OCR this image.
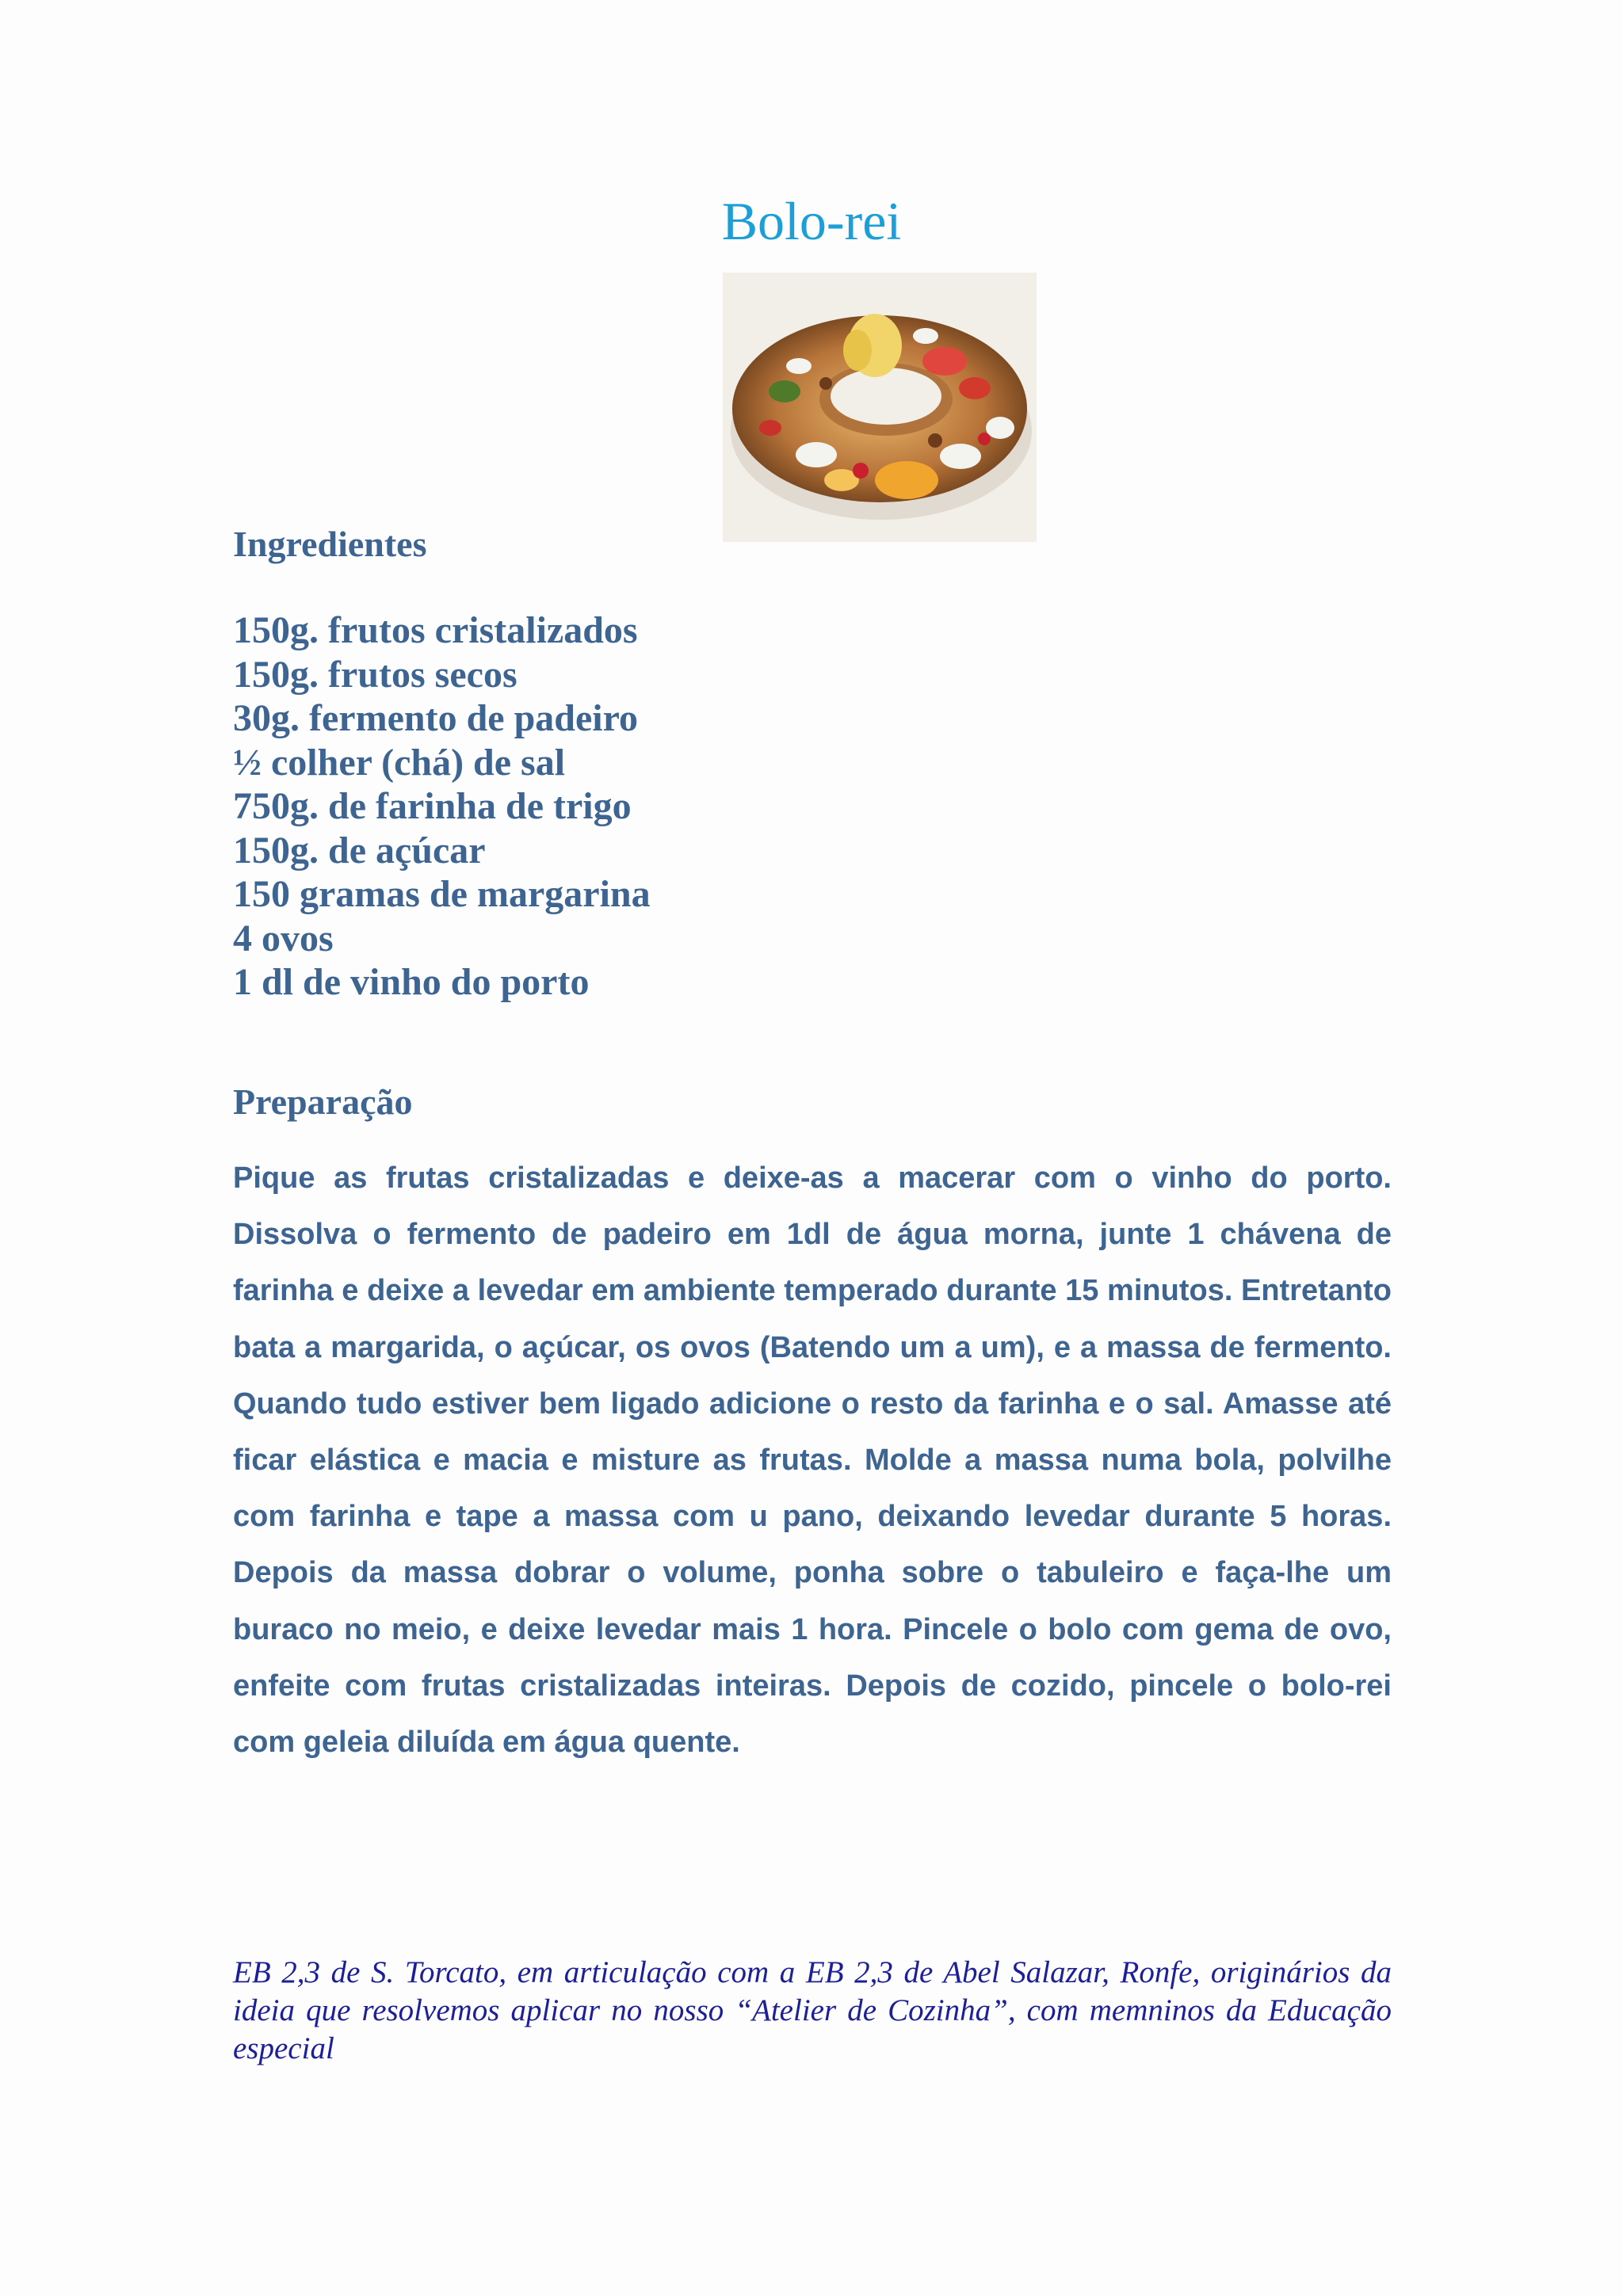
Bolo-rei
Ingredientes
150g. frutos cristalizados
150g. frutos secos
30g. fermento de padeiro
½ colher (chá) de sal
750g. de farinha de trigo
150g. de açúcar
150 gramas de margarina
4 ovos
1 dl de vinho do porto
Preparação

Pique as frutas cristalizadas e deixe-as a macerar com o vinho do porto. Dissolva o fermento de padeiro em 1dl de água morna, junte 1 chávena de farinha e deixe a levedar em ambiente temperado durante 15 minutos. Entretanto bata a margarida, o açúcar, os ovos (Batendo um a um), e a massa de fermento. Quando tudo estiver bem ligado adicione o resto da farinha e o sal. Amasse até ficar elástica e macia e misture as frutas. Molde a massa numa bola, polvilhe com farinha e tape a massa com u pano, deixando levedar durante 5 horas. Depois da massa dobrar o volume, ponha sobre o tabuleiro e faça-lhe um buraco no meio, e deixe levedar mais 1 hora. Pincele o bolo com gema de ovo, enfeite com frutas cristalizadas inteiras. Depois de cozido, pincele o bolo-rei com geleia diluída em água quente.

EB 2,3 de S. Torcato, em articulação com a EB 2,3 de Abel Salazar, Ronfe, originários da ideia que resolvemos aplicar no nosso “Atelier de Cozinha”, com memninos da Educação especial
